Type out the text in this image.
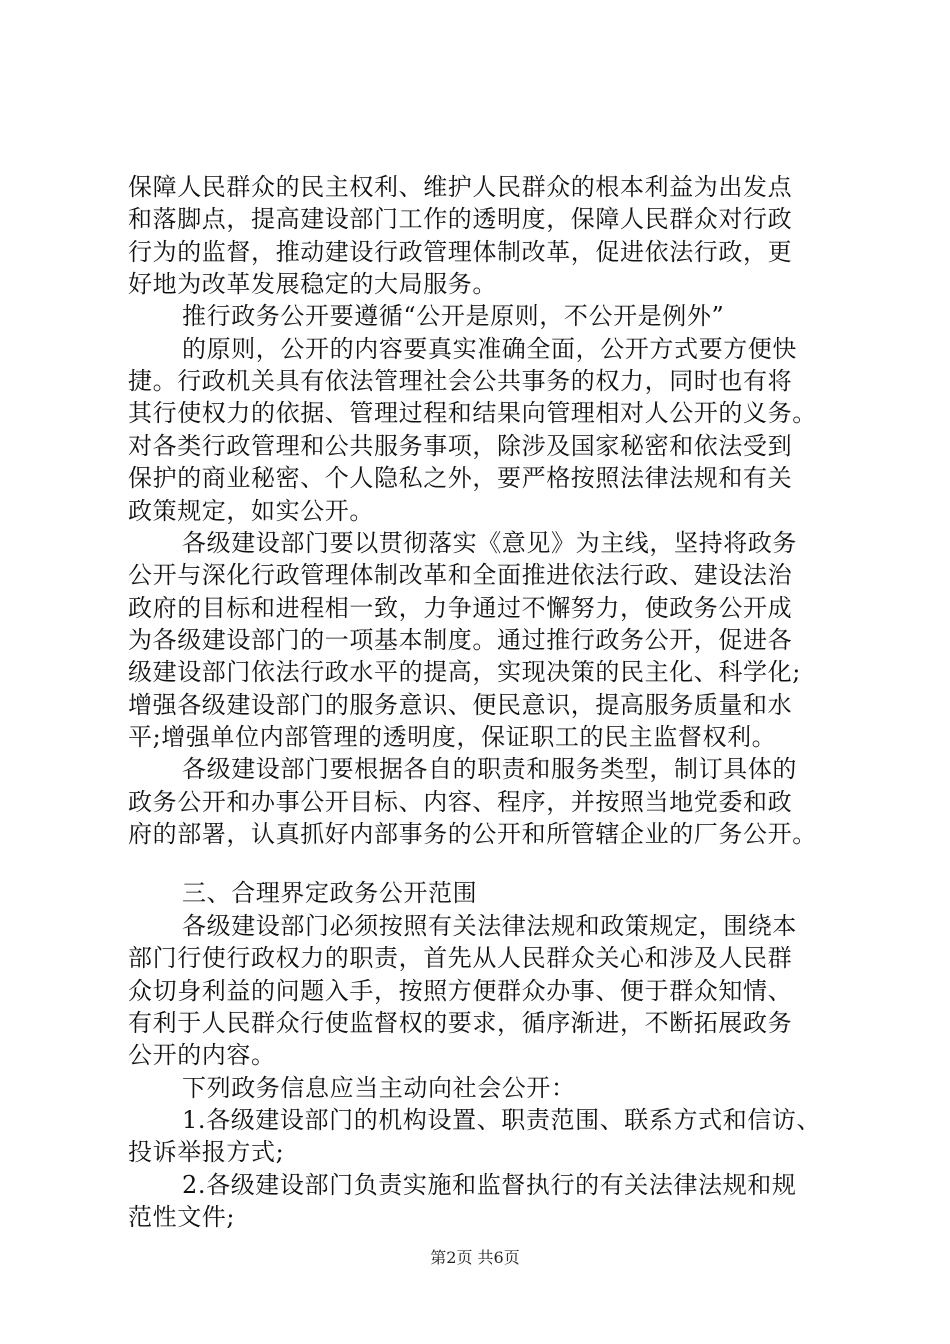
保障人民群众的民主权利、维护人民群众的根本利益为出发点
和落脚点，提高建设部门工作的透明度，保障人民群众对行政
行为的监督，推动建设行政管理体制改革，促进依法行政，更
好地为改革发展稳定的大局服务。
推行政务公开要遵循“公开是原则，不公开是例外”
的原则，公开的内容要真实准确全面，公开方式要方便快
捷。行政机关具有依法管理社会公共事务的权力，同时也有将
其行使权力的依据、管理过程和结果向管理相对人公开的义务。
对各类行政管理和公共服务事项，除涉及国家秘密和依法受到
保护的商业秘密、个人隐私之外，要严格按照法律法规和有关
政策规定，如实公开。
各级建设部门要以贯彻落实《意见》为主线，坚持将政务
公开与深化行政管理体制改革和全面推进依法行政、建设法治
政府的目标和进程相一致，力争通过不懈努力，使政务公开成
为各级建设部门的一项基本制度。通过推行政务公开，促进各
级建设部门依法行政水平的提高，实现决策的民主化、科学化;
增强各级建设部门的服务意识、便民意识，提高服务质量和水
平;增强单位内部管理的透明度，保证职工的民主监督权利。
各级建设部门要根据各自的职责和服务类型，制订具体的
政务公开和办事公开目标、内容、程序，并按照当地党委和政
府的部署，认真抓好内部事务的公开和所管辖企业的厂务公开。
三、合理界定政务公开范围
各级建设部门必须按照有关法律法规和政策规定，围绕本
部门行使行政权力的职责，首先从人民群众关心和涉及人民群
众切身利益的问题入手，按照方便群众办事、便于群众知情、
有利于人民群众行使监督权的要求，循序渐进，不断拓展政务
公开的内容。
下列政务信息应当主动向社会公开：
1.各级建设部门的机构设置、职责范围、联系方式和信访、
投诉举报方式;
2.各级建设部门负责实施和监督执行的有关法律法规和规
范性文件;
第2页 共6页
